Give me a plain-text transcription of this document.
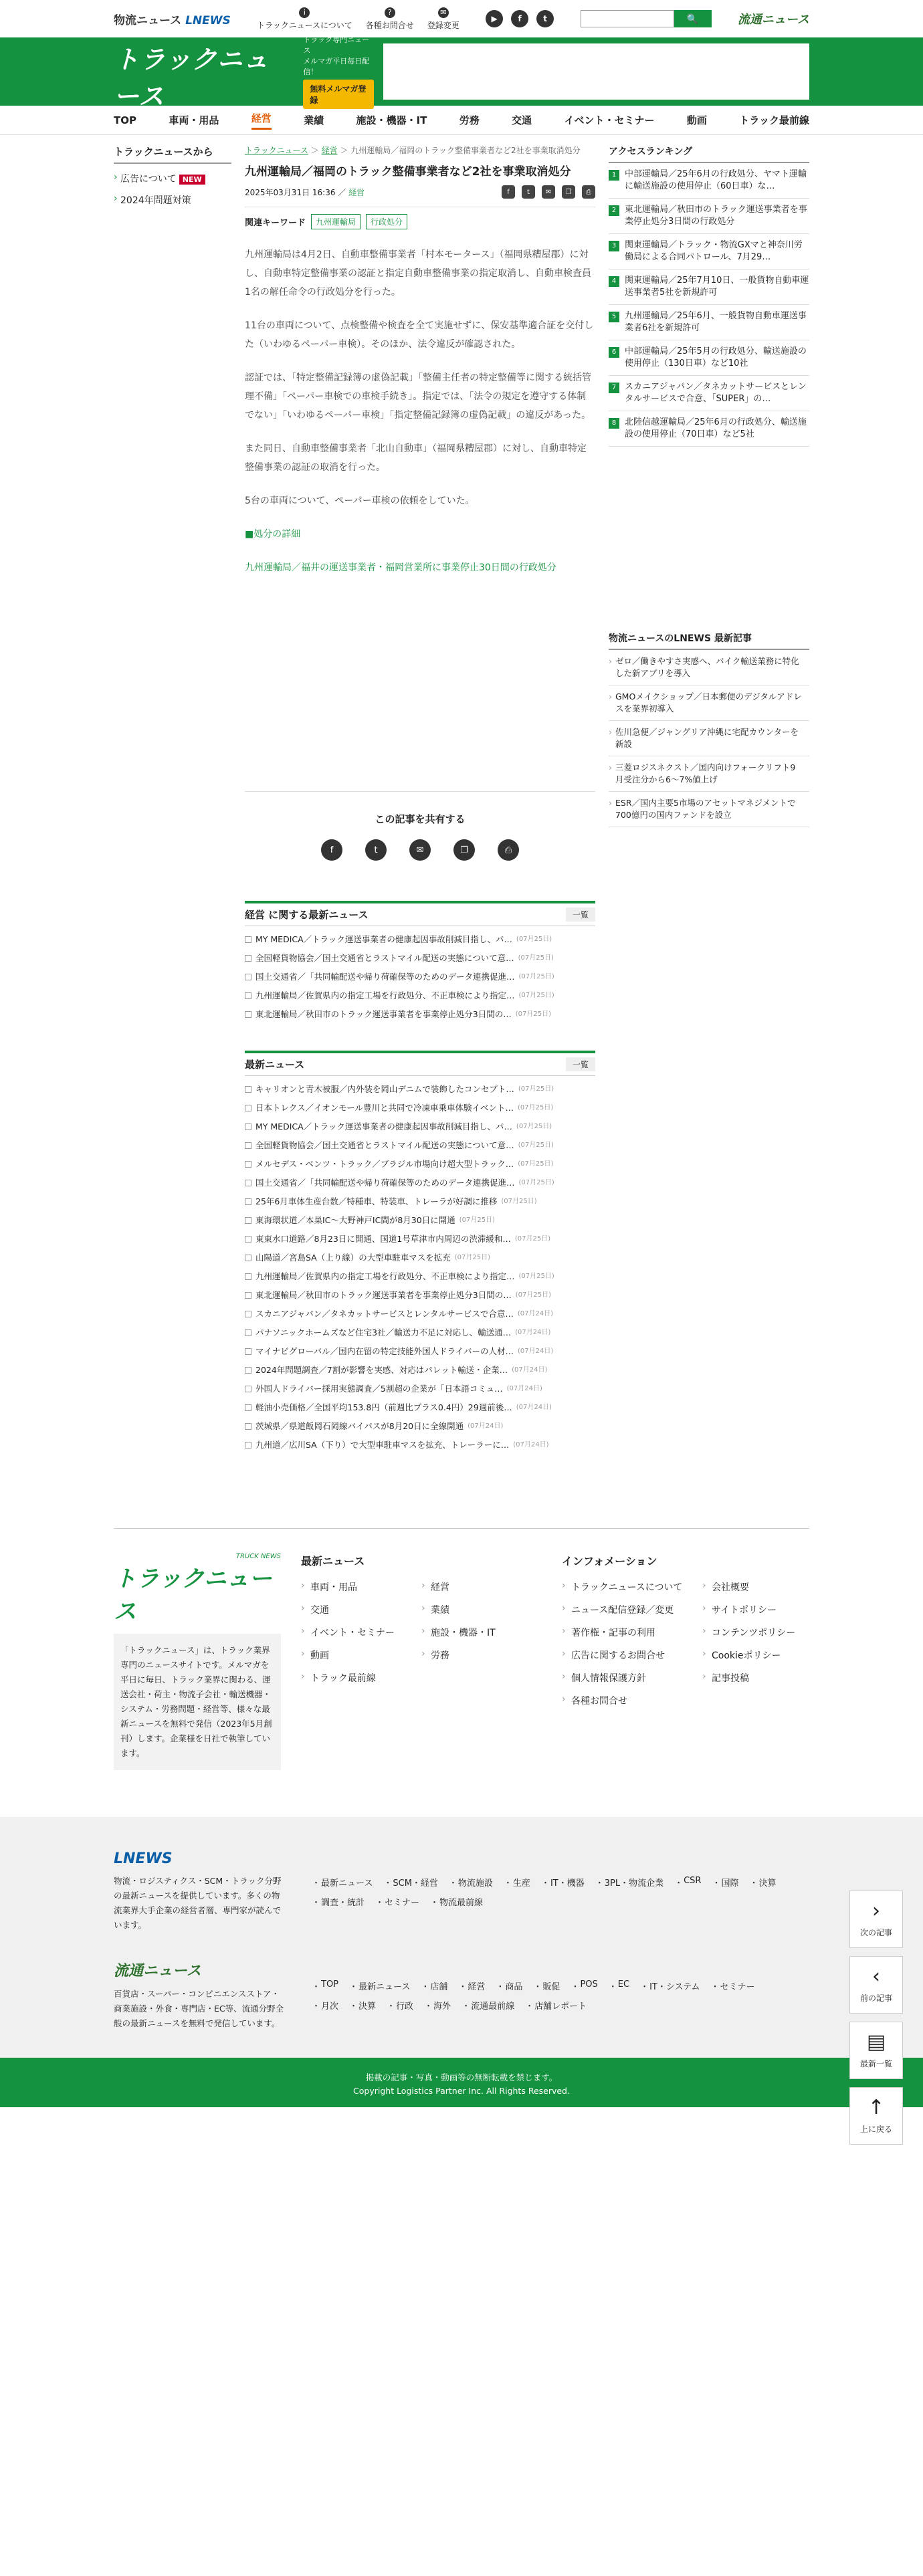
物流ニュース LNEWS
i
トラックニュースについて
?
各種お問合せ
✉
登録変更
▶	f	t	🔍	流通ニュース
TRUCK NEWS
トラックニュース
トラック専門ニュース
メルマガ平日毎日配信！
無料メルマガ登録
TOP	車両・用品	経営	業績	施設・機器・IT	労務	交通	イベント・セミナー	動画	トラック最前線
トラックニュースから
› 広告について NEW
› 2024年問題対策
トラックニュース ＞ 経営 ＞ 九州運輸局／福岡のトラック整備事業者など2社を事業取消処分
九州運輸局／福岡のトラック整備事業者など2社を事業取消処分
2025年03月31日 16:36 ／ 経営	f	t	✉	❐	⎙
関連キーワード	九州運輸局	行政処分

九州運輸局は4月2日、自動車整備事業者「村本モータース」（福岡県糟屋郡）に対し、自動車特定整備事業の認証と指定自動車整備事業の指定取消し、自動車検査員1名の解任命令の行政処分を行った。

11台の車両について、点検整備や検査を全て実施せずに、保安基準適合証を交付した（いわゆるペーパー車検）。そのほか、法令違反が確認された。

認証では、「特定整備記録簿の虚偽記載」「整備主任者の特定整備等に関する統括管理不備」「ペーパー車検での車検手続き」。指定では、「法令の規定を遵守する体制でない」「いわゆるペーパー車検」「指定整備記録簿の虚偽記載」の違反があった。

また同日、自動車整備事業者「北山自動車」（福岡県糟屋郡）に対し、自動車特定整備事業の認証の取消を行った。

5台の車両について、ペーパー車検の依頼をしていた。

■処分の詳細

九州運輸局／福井の運送事業者・福岡営業所に事業停止30日間の行政処分

この記事を共有する
f	t	✉	❐	⎙
経営 に関する最新ニュース	一覧
MY MEDICA／トラック運送事業者の健康起因事故削減目指し、パ… (07月25日)
全国軽貨物協会／国土交通省とラストマイル配送の実態について意… (07月25日)
国土交通省／「共同輸配送や帰り荷確保等のためのデータ連携促進… (07月25日)
九州運輸局／佐賀県内の指定工場を行政処分、不正車検により指定… (07月25日)
東北運輸局／秋田市のトラック運送事業者を事業停止処分3日間の… (07月25日)
最新ニュース	一覧
キャリオンと青木被服／内外装を岡山デニムで装飾したコンセプト… (07月25日)
日本トレクス／イオンモール豊川と共同で冷凍車乗車体験イベント… (07月25日)
MY MEDICA／トラック運送事業者の健康起因事故削減目指し、パ… (07月25日)
全国軽貨物協会／国土交通省とラストマイル配送の実態について意… (07月25日)
メルセデス・ベンツ・トラック／ブラジル市場向け超大型トラック… (07月25日)
国土交通省／「共同輸配送や帰り荷確保等のためのデータ連携促進… (07月25日)
25年6月車体生産台数／特種車、特装車、トレーラが好調に推移 (07月25日)
東海環状道／本巣IC〜大野神戸IC間が8月30日に開通 (07月25日)
東東水口道路／8月23日に開通、国道1号草津市内周辺の渋滞緩和… (07月25日)
山陽道／宮島SA（上り線）の大型車駐車マスを拡充 (07月25日)
九州運輸局／佐賀県内の指定工場を行政処分、不正車検により指定… (07月25日)
東北運輸局／秋田市のトラック運送事業者を事業停止処分3日間の… (07月25日)
スカニアジャパン／タネカットサービスとレンタルサービスで合意… (07月24日)
パナソニックホームズなど住宅3社／輸送力不足に対応し、輸送通… (07月24日)
マイナビグローバル／国内在留の特定技能外国人ドライバーの人材… (07月24日)
2024年問題調査／7割が影響を実感、対応はパレット輸送・企業… (07月24日)
外国人ドライバー採用実態調査／5割超の企業が「日本語コミュ… (07月24日)
軽油小売価格／全国平均153.8円（前週比プラス0.4円）29週前後… (07月24日)
茨城県／県道飯岡石岡線バイパスが8月20日に全線開通 (07月24日)
九州道／広川SA（下り）で大型車駐車マスを拡充、トレーラーに… (07月24日)
アクセスランキング
1 中部運輸局／25年6月の行政処分、ヤマト運輸に輸送施設の使用停止（60日車）な…
2 東北運輸局／秋田市のトラック運送事業者を事業停止処分3日間の行政処分
3 関東運輸局／トラック・物流GXマと神奈川労働局による合同パトロール、7月29…
4 関東運輸局／25年7月10日、一般貨物自動車運送事業者5社を新規許可
5 九州運輸局／25年6月、一般貨物自動車運送事業者6社を新規許可
6 中部運輸局／25年5月の行政処分、輸送施設の使用停止（130日車）など10社
7 スカニアジャパン／タネカットサービスとレンタルサービスで合意、「SUPER」の…
8 北陸信越運輸局／25年6月の行政処分、輸送施設の使用停止（70日車）など5社
物流ニュースのLNEWS 最新記事
› ゼロ／働きやすさ実感へ、バイク輸送業務に特化した新アプリを導入
› GMOメイクショップ／日本郵便のデジタルアドレスを業界初導入
› 佐川急便／ジャングリア沖縄に宅配カウンターを新設
› 三菱ロジスネクスト／国内向けフォークリフト9月受注分から6〜7%値上げ
› ESR／国内主要5市場のアセットマネジメントで700億円の国内ファンドを設立
TRUCK NEWS
トラックニュース

「トラックニュース」は、トラック業界専門のニュースサイトです。メルマガを平日に毎日、トラック業界に関わる、運送会社・荷主・物流子会社・輸送機器・システム・労務問題・経営等、様々な最新ニュースを無料で発信（2023年5月創刊）します。企業様を日社で執筆しています。

最新ニュース
› 車両・用品	› 経営
› 交通	› 業績
› イベント・セミナー	› 施設・機器・IT
› 動画	› 労務
› トラック最前線
インフォメーション
› トラックニュースについて	› 会社概要
› ニュース配信登録／変更	› サイトポリシー
› 著作権・記事の利用	› コンテンツポリシー
› 広告に関するお問合せ	› Cookieポリシー
› 個人情報保護方針	› 記事投稿
› 各種お問合せ
LNEWS

物流・ロジスティクス・SCM・トラック分野の最新ニュースを提供しています。多くの物流業界大手企業の経営者層、専門家が読んでいます。

・ 最新ニュース	・ SCM・経営	・ 物流施設	・ 生産	・ IT・機器	・ 3PL・物流企業	・ CSR	・ 国際	・ 決算
・ 調査・統計	・ セミナー	・ 物流最前線
流通ニュース

百貨店・スーパー・コンビニエンスストア・商業施設・外食・専門店・EC等、流通分野全般の最新ニュースを無料で発信しています。

・ TOP	・ 最新ニュース	・ 店舗	・ 経営	・ 商品	・ 販促	・ POS	・ EC	・ IT・システム	・ セミナー
・ 月次	・ 決算	・ 行政	・ 海外	・ 流通最前線	・ 店舗レポート
›
次の記事
‹
前の記事
▤
最新一覧
↑
上に戻る
掲載の記事・写真・動画等の無断転載を禁じます。
Copyright Logistics Partner Inc. All Rights Reserved.
